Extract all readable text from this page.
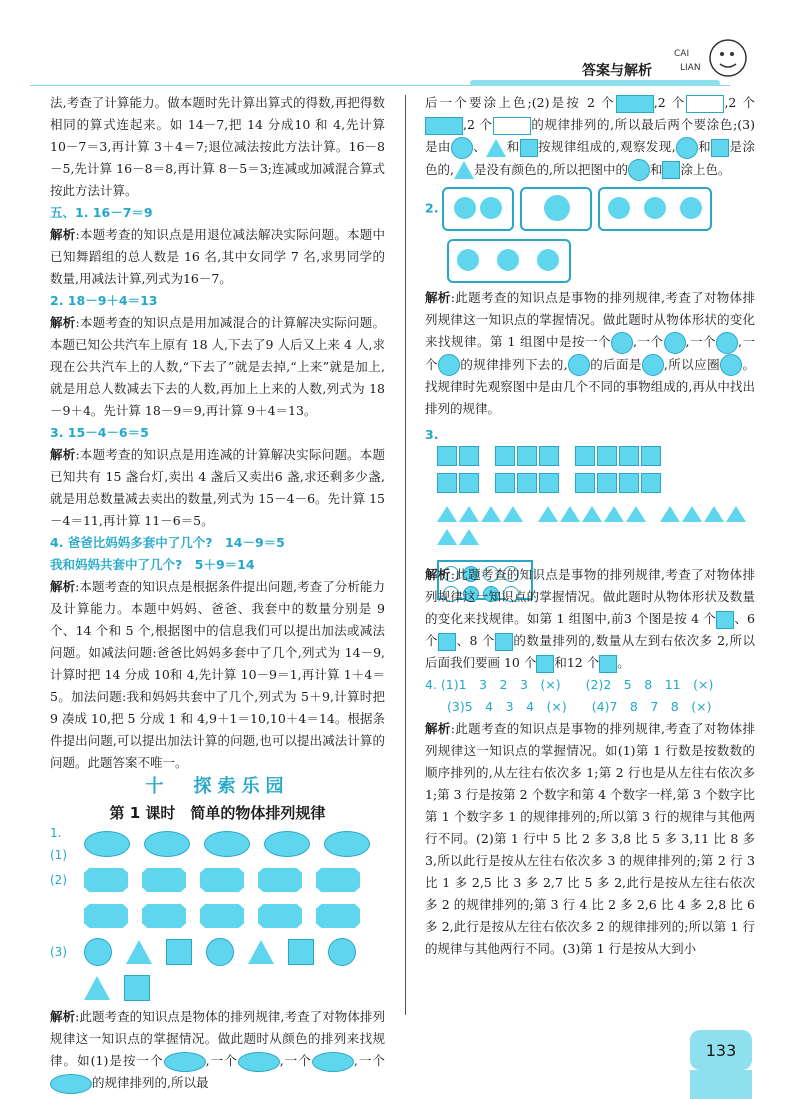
答案与解析
CAI
LIAN

法,考查了计算能力。做本题时先计算出算式的得数,再把得数相同的算式连起来。如 14－7,把 14 分成10 和 4,先计算 10－7＝3,再计算 3＋4＝7;退位减法按此方法计算。16－8－5,先计算 16－8＝8,再计算 8－5＝3;连减或加减混合算式按此方法计算。

五、1. 16－7＝9

解析:本题考查的知识点是用退位减法解决实际问题。本题中已知舞蹈组的总人数是 16 名,其中女同学 7 名,求男同学的数量,用减法计算,列式为16－7。

2. 18－9＋4＝13

解析:本题考查的知识点是用加减混合的计算解决实际问题。本题已知公共汽车上原有 18 人,下去了9 人后又上来 4 人,求现在公共汽车上的人数,“下去了”就是去掉,“上来”就是加上,就是用总人数减去下去的人数,再加上上来的人数,列式为 18－9＋4。先计算 18－9＝9,再计算 9＋4＝13。

3. 15－4－6＝5

解析:本题考查的知识点是用连减的计算解决实际问题。本题已知共有 15 盏台灯,卖出 4 盏后又卖出6 盏,求还剩多少盏,就是用总数量减去卖出的数量,列式为 15－4－6。先计算 15－4＝11,再计算 11－6＝5。

4. 爸爸比妈妈多套中了几个?　14－9＝5

我和妈妈共套中了几个?　5＋9＝14

解析:本题考查的知识点是根据条件提出问题,考查了分析能力及计算能力。本题中妈妈、爸爸、我套中的数量分别是 9 个、14 个和 5 个,根据图中的信息我们可以提出加法或减法问题。如减法问题:爸爸比妈妈多套中了几个,列式为 14－9,计算时把 14 分成 10和 4,先计算 10－9＝1,再计算 1＋4＝5。加法问题:我和妈妈共套中了几个,列式为 5＋9,计算时把 9 凑成 10,把 5 分成 1 和 4,9＋1＝10,10＋4＝14。根据条件提出问题,可以提出加法计算的问题,也可以提出减法计算的问题。此题答案不唯一。

十　探索乐园
第 1 课时　简单的物体排列规律
1. (1)
(2)
(3)

解析:此题考查的知识点是物体的排列规律,考查了对物体排列规律这一知识点的掌握情况。做此题时从颜色的排列来找规律。如(1)是按一个	,一个	,一个	,一个的规律排列的,所以最

后一个要涂上色;(2)是按 2 个	,2 个	,2 个,2 个	的规律排列的,所以最后两个要涂色;(3)是由 、 和 按规律组成的,观察发现, 和 是涂色的, 是没有颜色的,所以把图中的 和 涂上色。

2.

解析:此题考查的知识点是事物的排列规律,考查了对物体排列规律这一知识点的掌握情况。做此题时从物体形状的变化来找规律。第 1 组图中是按一个 ,一个 ,一个 ,一个 的规律排列下去的, 的后面是 ,所以应圈 。找规律时先观察图中是由几个不同的事物组成的,再从中找出排列的规律。

3.

解析:此题考查的知识点是事物的排列规律,考查了对物体排列规律这一知识点的掌握情况。做此题时从物体形状及数量的变化来找规律。如第 1 组图中,前3 个图是按 4 个 、6 个 、8 个 的数量排列的,数量从左到右依次多 2,所以后面我们要画 10 个 和12 个 。

4. (1)1　3　2　3　(×)　　(2)2　5　8　11　(×)

(3)5　4　3　4　(×)　　(4)7　8　7　8　(×)

解析:此题考查的知识点是事物的排列规律,考查了对物体排列规律这一知识点的掌握情况。如(1)第 1 行数是按数数的顺序排列的,从左往右依次多 1;第 2 行也是从左往右依次多 1;第 3 行是按第 2 个数字和第 4 个数字一样,第 3 个数字比第 1 个数字多 1 的规律排列的;所以第 3 行的规律与其他两行不同。(2)第 1 行中 5 比 2 多 3,8 比 5 多 3,11 比 8 多 3,所以此行是按从左往右依次多 3 的规律排列的;第 2 行 3 比 1 多 2,5 比 3 多 2,7 比 5 多 2,此行是按从左往右依次多 2 的规律排列的;第 3 行 4 比 2 多 2,6 比 4 多 2,8 比 6 多 2,此行是按从左往右依次多 2 的规律排列的;所以第 1 行的规律与其他两行不同。(3)第 1 行是按从大到小

133
